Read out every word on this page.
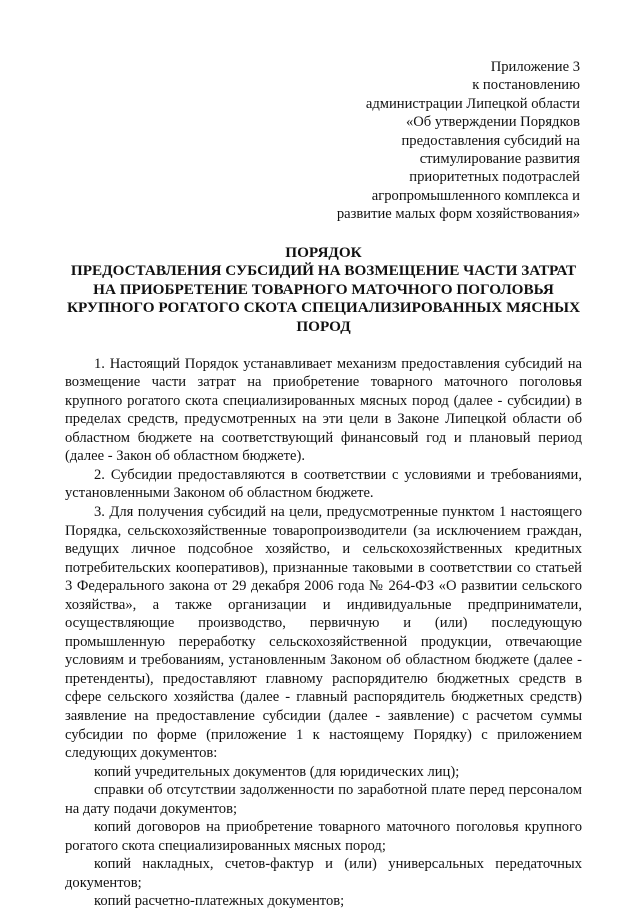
Приложение 3
к постановлению
администрации Липецкой области
«Об утверждении Порядков
предоставления субсидий на
стимулирование развития
приоритетных подотраслей
агропромышленного комплекса и
развитие малых форм хозяйствования»
ПОРЯДОК
ПРЕДОСТАВЛЕНИЯ СУБСИДИЙ НА ВОЗМЕЩЕНИЕ ЧАСТИ ЗАТРАТ
НА ПРИОБРЕТЕНИЕ ТОВАРНОГО МАТОЧНОГО ПОГОЛОВЬЯ
КРУПНОГО РОГАТОГО СКОТА СПЕЦИАЛИЗИРОВАННЫХ МЯСНЫХ
ПОРОД

1. Настоящий Порядок устанавливает механизм предоставления субсидий на возмещение части затрат на приобретение товарного маточного поголовья крупного рогатого скота специализированных мясных пород (далее - субсидии) в пределах средств, предусмотренных на эти цели в Законе Липецкой области об областном бюджете на соответствующий финансовый год и плановый период (далее - Закон об областном бюджете).

2. Субсидии предоставляются в соответствии с условиями и требованиями, установленными Законом об областном бюджете.

3. Для получения субсидий на цели, предусмотренные пунктом 1 настоящего Порядка, сельскохозяйственные товаропроизводители (за исключением граждан, ведущих личное подсобное хозяйство, и сельскохозяйственных кредитных потребительских кооперативов), признанные таковыми в соответствии со статьей 3 Федерального закона от 29 декабря 2006 года № 264-ФЗ «О развитии сельского хозяйства», а также организации и индивидуальные предприниматели, осуществляющие производство, первичную и (или) последующую промышленную переработку сельскохозяйственной продукции, отвечающие условиям и требованиям, установленным Законом об областном бюджете (далее - претенденты), предоставляют главному распорядителю бюджетных средств в сфере сельского хозяйства (далее - главный распорядитель бюджетных средств) заявление на предоставление субсидии (далее - заявление) с расчетом суммы субсидии по форме (приложение 1 к настоящему Порядку) с приложением следующих документов:

копий учредительных документов (для юридических лиц);

справки об отсутствии задолженности по заработной плате перед персоналом на дату подачи документов;

копий договоров на приобретение товарного маточного поголовья крупного рогатого скота специализированных мясных пород;

копий накладных, счетов-фактур и (или) универсальных передаточных документов;

копий расчетно-платежных документов;
